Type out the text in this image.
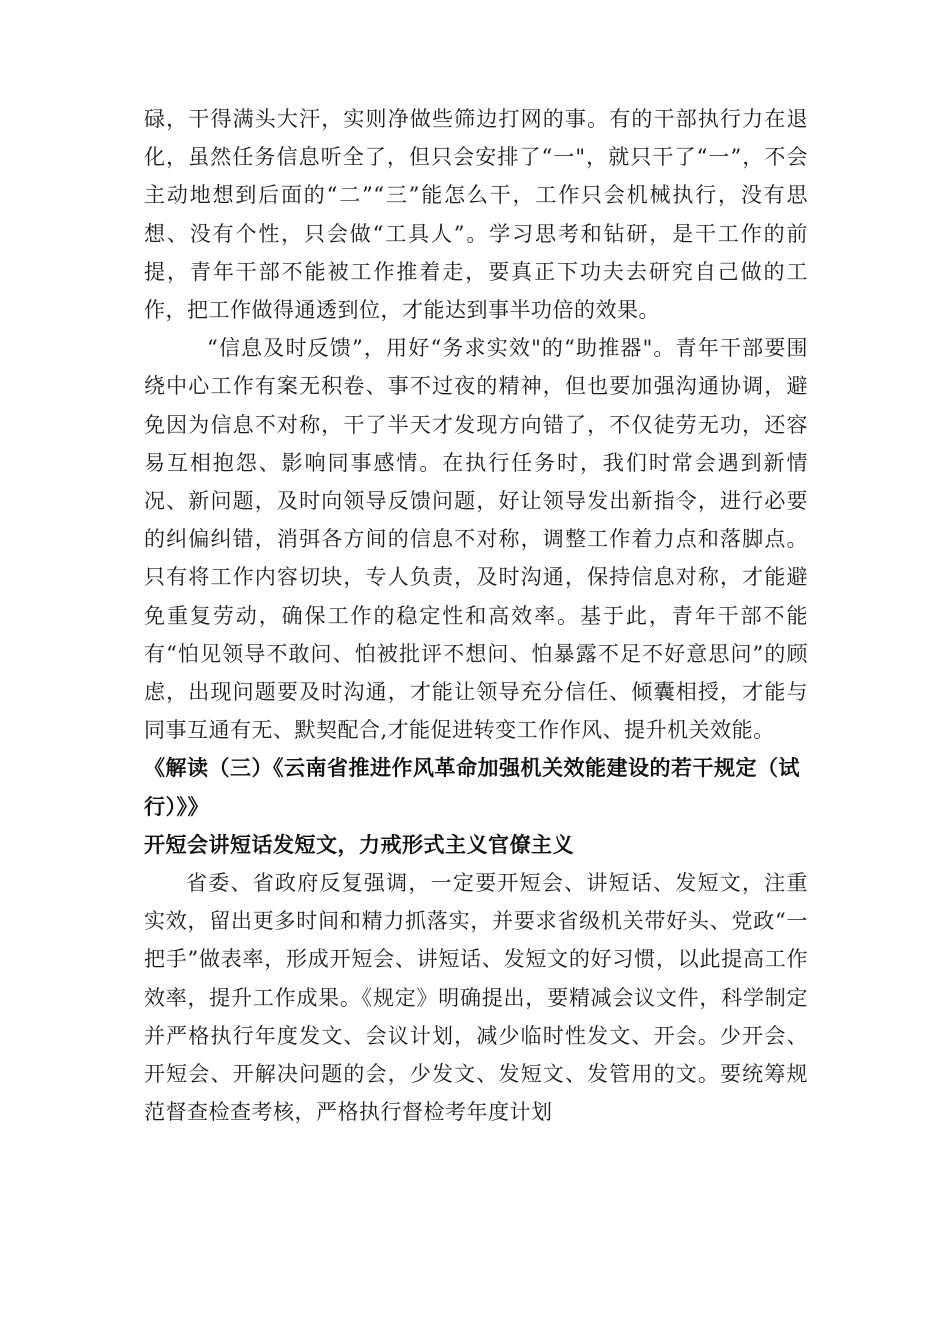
碌，干得满头大汗，实则净做些筛边打网的事。有的干部执行力在退化，虽然任务信息听全了，但只会安排了“一"，就只干了“一”，不会主动地想到后面的“二”“三”能怎么干，工作只会机械执行，没有思想、没有个性，只会做“工具人”。学习思考和钻研，是干工作的前提，青年干部不能被工作推着走，要真正下功夫去研究自己做的工作，把工作做得通透到位，才能达到事半功倍的效果。

“信息及时反馈”，用好“务求实效"的“助推器"。青年干部要围绕中心工作有案无积卷、事不过夜的精神，但也要加强沟通协调，避免因为信息不对称，干了半天才发现方向错了，不仅徒劳无功，还容易互相抱怨、影响同事感情。在执行任务时，我们时常会遇到新情况、新问题，及时向领导反馈问题，好让领导发出新指令，进行必要的纠偏纠错，消弭各方间的信息不对称，调整工作着力点和落脚点。只有将工作内容切块，专人负责，及时沟通，保持信息对称，才能避免重复劳动，确保工作的稳定性和高效率。基于此，青年干部不能有“怕见领导不敢问、怕被批评不想问、怕暴露不足不好意思问”的顾虑，出现问题要及时沟通，才能让领导充分信任、倾囊相授，才能与同事互通有无、默契配合,才能促进转变工作作风、提升机关效能。

《解读（三）《云南省推进作风革命加强机关效能建设的若干规定（试行）》》

开短会讲短话发短文，力戒形式主义官僚主义

省委、省政府反复强调，一定要开短会、讲短话、发短文，注重实效，留出更多时间和精力抓落实，并要求省级机关带好头、党政“一把手”做表率，形成开短会、讲短话、发短文的好习惯，以此提高工作效率，提升工作成果。《规定》明确提出，要精减会议文件，科学制定并严格执行年度发文、会议计划，减少临时性发文、开会。少开会、开短会、开解决问题的会，少发文、发短文、发管用的文。要统筹规范督查检查考核，严格执行督检考年度计划
